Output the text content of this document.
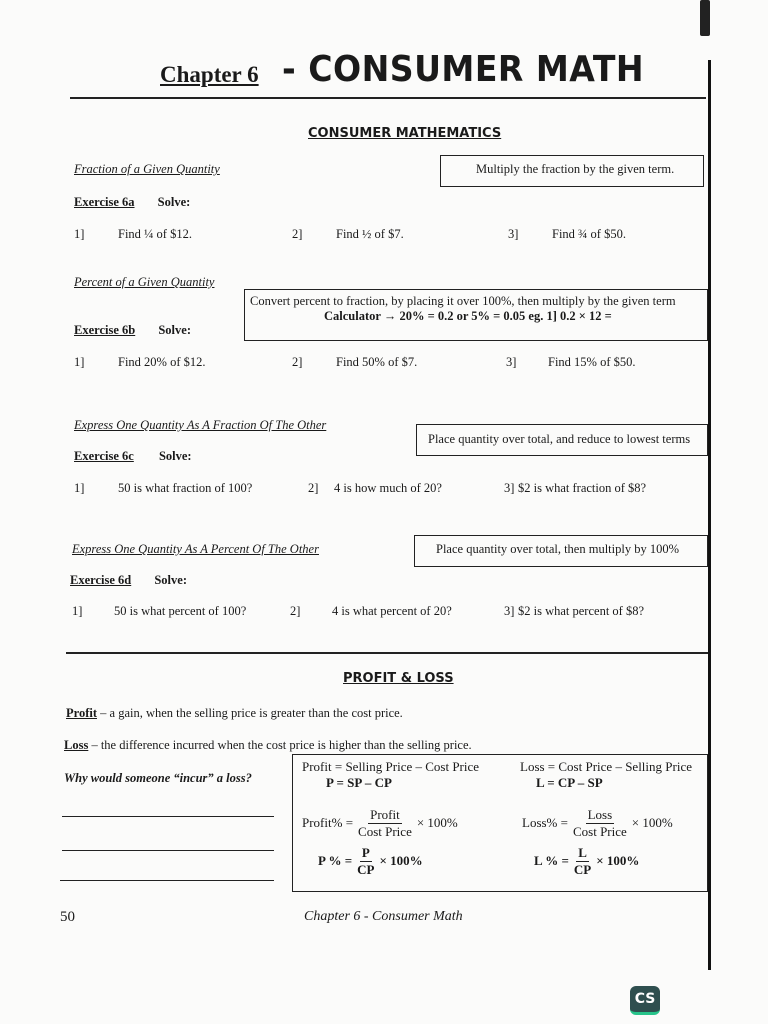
Chapter 6 - CONSUMER MATH
CONSUMER MATHEMATICS
Fraction of a Given Quantity	Multiply the fraction by the given term.
Exercise 6a Solve:
1]	Find ¼ of $12.	2]	Find ½ of $7.	3]	Find ¾ of $50.
Percent of a Given Quantity
Convert percent to fraction, by placing it over 100%, then multiply by the given term
Calculator → 20% = 0.2 or 5% = 0.05 eg. 1] 0.2 × 12 =
Exercise 6b Solve:
1]	Find 20% of $12.	2]	Find 50% of $7.	3]	Find 15% of $50.
Express One Quantity As A Fraction Of The Other
Place quantity over total, and reduce to lowest terms
Exercise 6c Solve:
1]	50 is what fraction of 100?	2] 4 is how much of 20?	3] $2 is what fraction of $8?
Express One Quantity As A Percent Of The Other	Place quantity over total, then multiply by 100%
Exercise 6d Solve:
1]	50 is what percent of 100?	2]	4 is what percent of 20?	3] $2 is what percent of $8?
PROFIT & LOSS
Profit – a gain, when the selling price is greater than the cost price.
Loss – the difference incurred when the cost price is higher than the selling price.
Why would someone “incur” a loss?
Profit = Selling Price – Cost Price
P = SP – CP
Loss = Cost Price – Selling Price
L = CP – SP
Profit% = $\frac{\text{Profit}}{\text{Cost Price}} \times 100\%$	Loss% = $\frac{\text{Loss}}{\text{Cost Price}} \times 100\%$
P % = $\frac{P}{CP} \times 100\%$	L % = $\frac{L}{CP} \times 100\%$
50	Chapter 6 - Consumer Math
CS
